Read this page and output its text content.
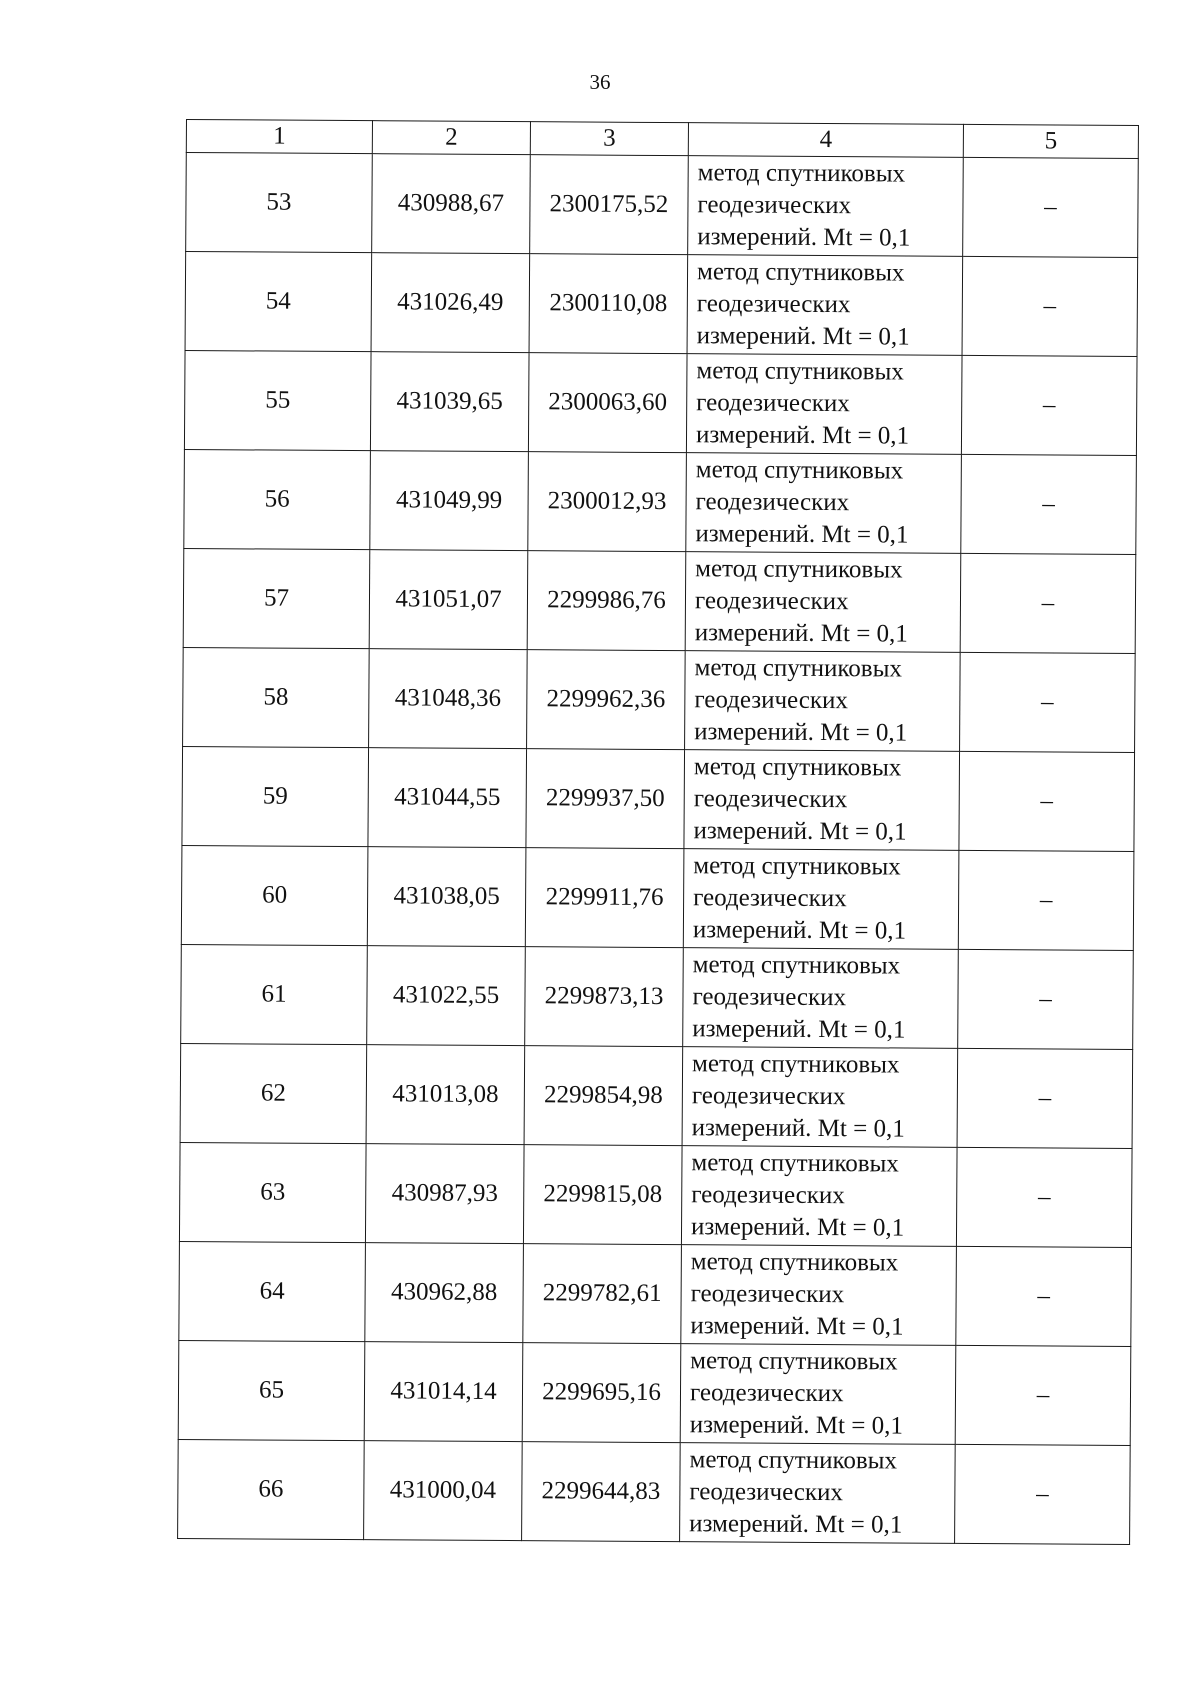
36
1	2	3	4	5
53	430988,67	2300175,52	метод спутниковых
геодезических
измерений. Mt = 0,1	–
54	431026,49	2300110,08	метод спутниковых
геодезических
измерений. Mt = 0,1	–
55	431039,65	2300063,60	метод спутниковых
геодезических
измерений. Mt = 0,1	–
56	431049,99	2300012,93	метод спутниковых
геодезических
измерений. Mt = 0,1	–
57	431051,07	2299986,76	метод спутниковых
геодезических
измерений. Mt = 0,1	–
58	431048,36	2299962,36	метод спутниковых
геодезических
измерений. Mt = 0,1	–
59	431044,55	2299937,50	метод спутниковых
геодезических
измерений. Mt = 0,1	–
60	431038,05	2299911,76	метод спутниковых
геодезических
измерений. Mt = 0,1	–
61	431022,55	2299873,13	метод спутниковых
геодезических
измерений. Mt = 0,1	–
62	431013,08	2299854,98	метод спутниковых
геодезических
измерений. Mt = 0,1	–
63	430987,93	2299815,08	метод спутниковых
геодезических
измерений. Mt = 0,1	–
64	430962,88	2299782,61	метод спутниковых
геодезических
измерений. Mt = 0,1	–
65	431014,14	2299695,16	метод спутниковых
геодезических
измерений. Mt = 0,1	–
66	431000,04	2299644,83	метод спутниковых
геодезических
измерений. Mt = 0,1	–
